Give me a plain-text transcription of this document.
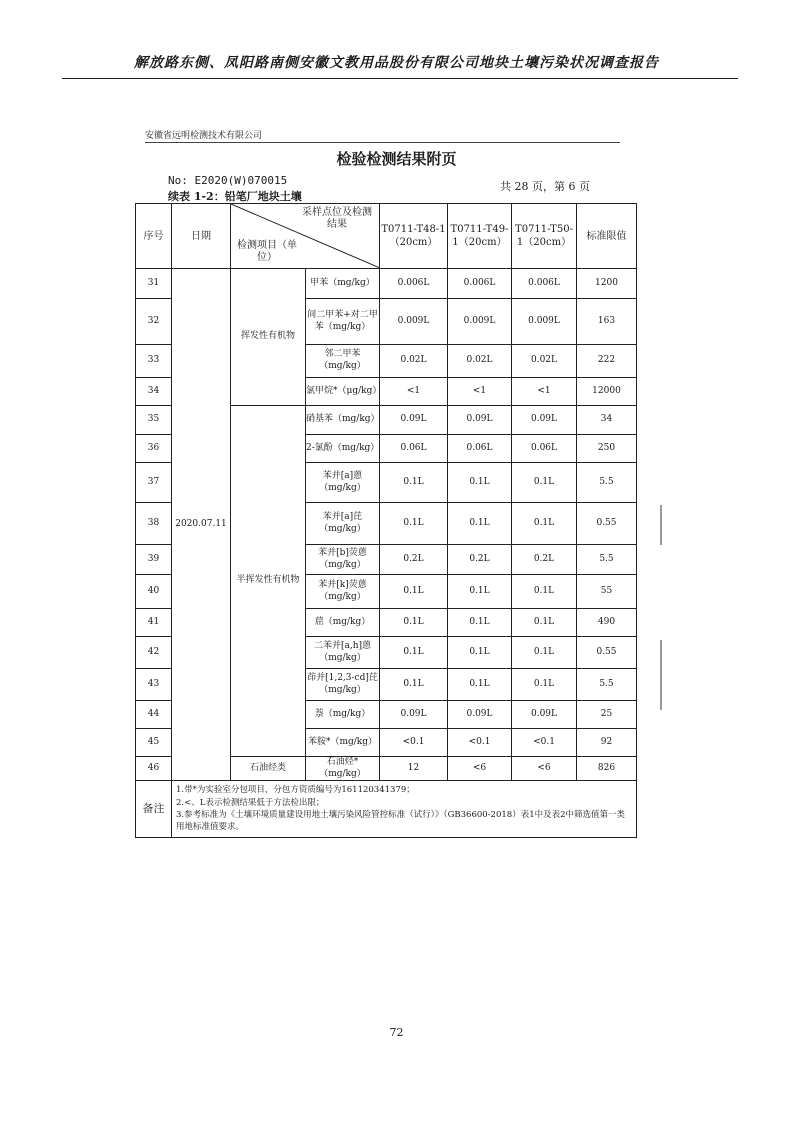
解放路东侧、凤阳路南侧安徽文教用品股份有限公司地块土壤污染状况调查报告
安徽省远明检测技术有限公司
检验检测结果附页
No: E2020(W)070015	共 28 页，第 6 页
续表 1-2：铅笔厂地块土壤
序号	日期	采样点位及检测结果
检测项目（单位）		T0711-T48-1（20cm）	T0711-T49-1（20cm）	T0711-T50-1（20cm）	标准限值
31	2020.07.11	挥发性有机物	甲苯（mg/kg）	0.006L	0.006L	0.006L	1200
32			间二甲苯+对二甲苯（mg/kg）	0.009L	0.009L	0.009L	163
33			邻二甲苯（mg/kg）	0.02L	0.02L	0.02L	222
34			氯甲烷*（μg/kg）	<1	<1	<1	12000
35		半挥发性有机物	硝基苯（mg/kg）	0.09L	0.09L	0.09L	34
36			2-氯酚（mg/kg）	0.06L	0.06L	0.06L	250
37			苯并[a]蒽（mg/kg）	0.1L	0.1L	0.1L	5.5
38			苯并[a]芘（mg/kg）	0.1L	0.1L	0.1L	0.55
39			苯并[b]荧蒽（mg/kg）	0.2L	0.2L	0.2L	5.5
40			苯并[k]荧蒽（mg/kg）	0.1L	0.1L	0.1L	55
41			䓛（mg/kg）	0.1L	0.1L	0.1L	490
42			二苯并[a,h]蒽（mg/kg）	0.1L	0.1L	0.1L	0.55
43			茚并[1,2,3-cd]芘（mg/kg）	0.1L	0.1L	0.1L	5.5
44			萘（mg/kg）	0.09L	0.09L	0.09L	25
45			苯胺*（mg/kg）	<0.1	<0.1	<0.1	92
46		石油烃类	石油烃*（mg/kg）	12	<6	<6	826
备注	1.带*为实验室分包项目，分包方资质编号为161120341379；
2.<、L表示检测结果低于方法检出限；
3.参考标准为《土壤环境质量建设用地土壤污染风险管控标准（试行）》（GB36600-2018）表1中及表2中筛选值第一类用地标准值要求。						
72
